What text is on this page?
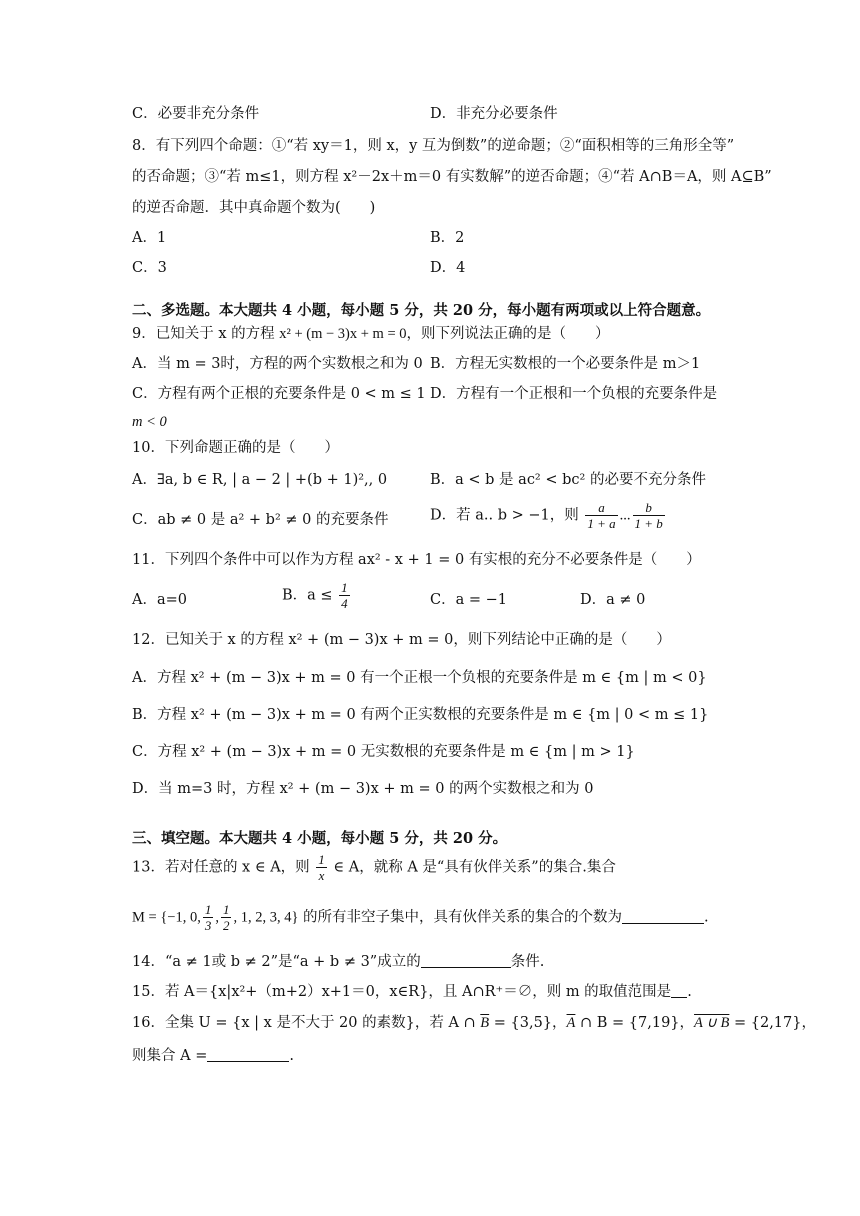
C．必要非充分条件	D．非充分必要条件
8．有下列四个命题：①“若 xy＝1，则 x，y 互为倒数”的逆命题；②“面积相等的三角形全等”
的否命题；③“若 m≤1，则方程 x²－2x＋m＝0 有实数解”的逆否命题；④“若 A∩B＝A，则 A⊆B”
的逆否命题．其中真命题个数为(　　)
A．1	B．2
C．3	D．4
二、多选题。本大题共 4 小题，每小题 5 分，共 20 分，每小题有两项或以上符合题意。
9．已知关于 x 的方程 x² + (m − 3)x + m = 0，则下列说法正确的是（　　）
A．当 m = 3时，方程的两个实数根之和为 0 B．方程无实数根的一个必要条件是 m＞1
C．方程有两个正根的充要条件是 0 < m ≤ 1 D．方程有一个正根和一个负根的充要条件是
m < 0
10．下列命题正确的是（　　）
A．∃a, b ∈ R, | a − 2 | +(b + 1)²,, 0	B．a < b 是 ac² < bc² 的必要不充分条件
C．ab ≠ 0 是 a² + b² ≠ 0 的充要条件	D．若 a.. b > −1，则 $\frac{a}{1 + a}$ ... $\frac{b}{1 + b}$
11．下列四个条件中可以作为方程 ax² - x + 1 = 0 有实根的充分不必要条件是（　　）
A．a=0	B．$a \le \frac{1}{4}$	C．a = −1	D．a ≠ 0
12．已知关于 x 的方程 x² + (m − 3)x + m = 0，则下列结论中正确的是（　　）
A．方程 x² + (m − 3)x + m = 0 有一个正根一个负根的充要条件是 m ∈ {m | m < 0}
B．方程 x² + (m − 3)x + m = 0 有两个正实数根的充要条件是 m ∈ {m | 0 < m ≤ 1}
C．方程 x² + (m − 3)x + m = 0 无实数根的充要条件是 m ∈ {m | m > 1}
D．当 m=3 时，方程 x² + (m − 3)x + m = 0 的两个实数根之和为 0
三、填空题。本大题共 4 小题，每小题 5 分，共 20 分。
13．若对任意的 x ∈ A，则 $\frac{1}{x}$ ∈ A，就称 A 是“具有伙伴关系”的集合.集合
M = {−1, 0, $\frac{1}{3}$ , $\frac{1}{2}$ , 1, 2, 3, 4} 的所有非空子集中，具有伙伴关系的集合的个数为	.
14．“a ≠ 1或 b ≠ 2”是“a + b ≠ 3”成立的	条件.
15．若 A＝{x|x²+（m+2）x+1＝0，x∈R}，且 A∩R⁺＝∅，则 m 的取值范围是 .
16．全集 U = {x | x 是不大于 20 的素数}，若 A ∩ $\overline{B} = \{3,5\}$，$\overline{A}$ ∩ B = {7,19}，A ∪ B = {2,17}，
则集合 A =	.
